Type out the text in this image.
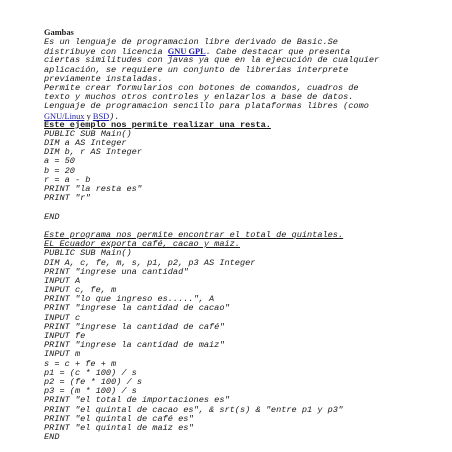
Gambas
Es un lenguaje de programacion libre derivado de Basic.Se
distribuye con licencia GNU GPL. Cabe destacar que presenta
ciertas similitudes con javas ya que en la ejecución de cualquier
aplicación, se requiere un conjunto de librerias interprete
previamente instaladas.
Permite crear formularios con botones de comandos, cuadros de
texto y muchos otros controles y enlazarlos a base de datos.
Lenguaje de programacion sencillo para plataformas libres (como
GNU/Linux y BSD).
Este ejemplo nos permite realizar una resta.
PUBLIC SUB Main()
DIM a AS Integer
DIM b, r AS Integer
a = 50
b = 20
r = a - b
PRINT "la resta es"
PRINT "r"
END
Este programa nos permite encontrar el total de quintales.
EL Ecuador exporta café, cacao y maiz.
PUBLIC SUB Main()
DIM A, c, fe, m, s, p1, p2, p3 AS Integer
PRINT "ingrese una cantidad"
INPUT A
INPUT c, fe, m
PRINT "lo que ingreso es.....", A
PRINT "ingrese la cantidad de cacao"
INPUT c
PRINT "ingrese la cantidad de café"
INPUT fe
PRINT "ingrese la cantidad de maiz"
INPUT m
s = c + fe + m
p1 = (c * 100) / s
p2 = (fe * 100) / s
p3 = (m * 100) / s
PRINT "el total de importaciones es"
PRINT "el quintal de cacao es", & srt(s) & "entre p1 y p3"
PRINT "el quintal de café es"
PRINT "el quintal de maiz es"
END
